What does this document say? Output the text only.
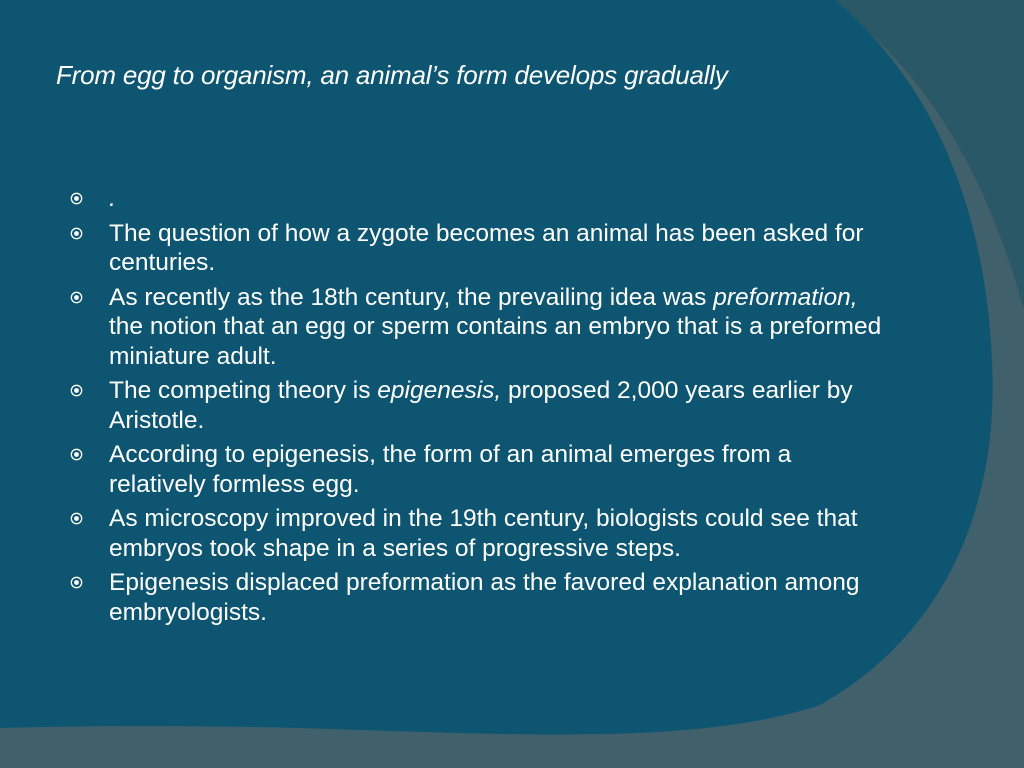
From egg to organism, an animal’s form develops gradually
.
The question of how a zygote becomes an animal has been asked for centuries.
As recently as the 18th century, the prevailing idea was preformation, the notion that an egg or sperm contains an embryo that is a preformed miniature adult.
The competing theory is epigenesis, proposed 2,000 years earlier by Aristotle.
According to epigenesis, the form of an animal emerges from a relatively formless egg.
As microscopy improved in the 19th century, biologists could see that embryos took shape in a series of progressive steps.
Epigenesis displaced preformation as the favored explanation among embryologists.
